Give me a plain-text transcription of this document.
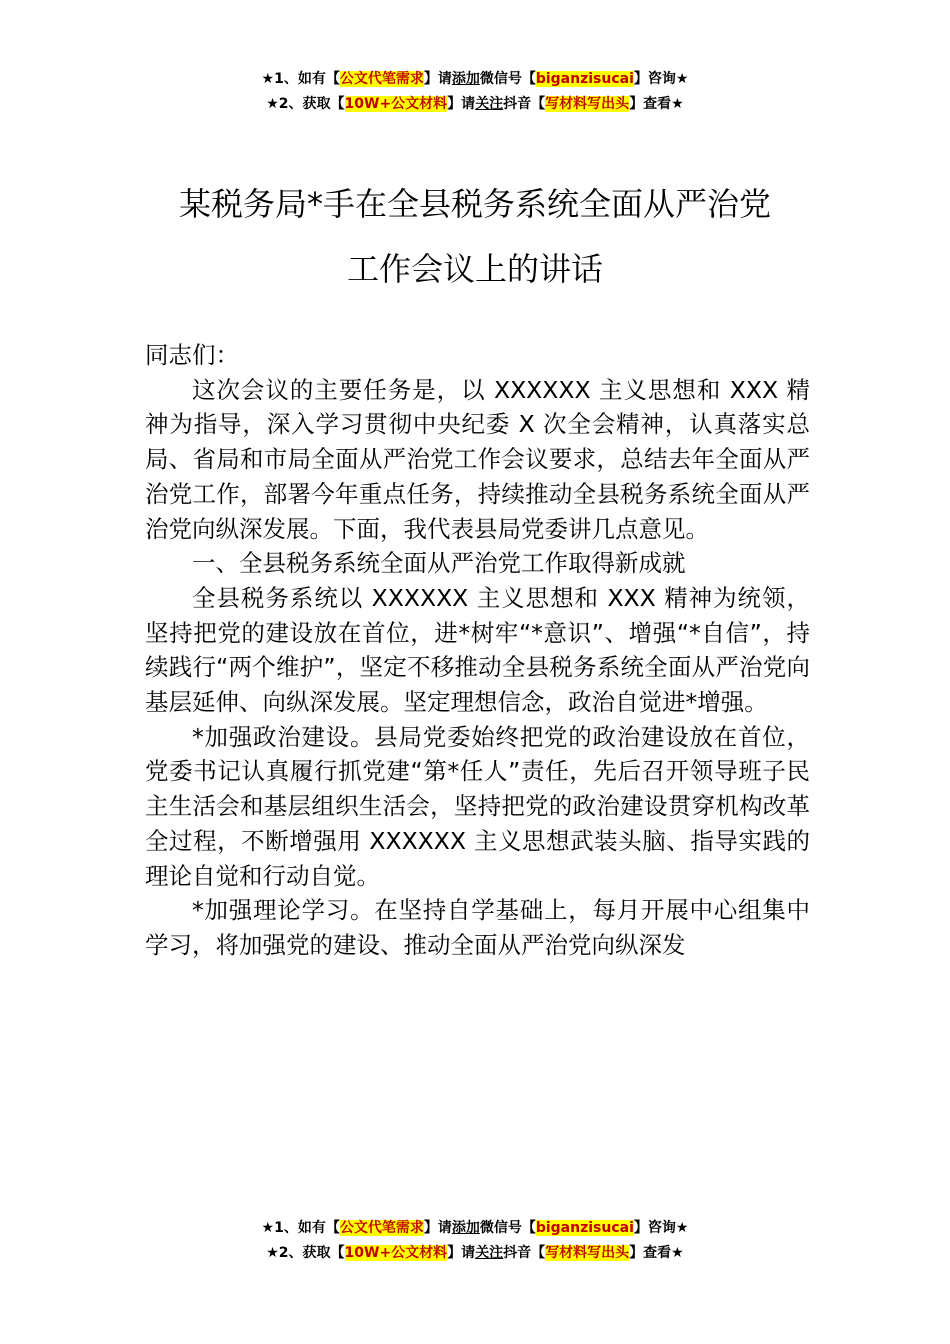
★1、如有【公文代笔需求】请添加微信号【biganzisucai】咨询★
★2、获取【10W+公文材料】请关注抖音【写材料写出头】查看★
某税务局*手在全县税务系统全面从严治党
工作会议上的讲话

同志们：

这次会议的主要任务是，以 XXXXXX 主义思想和 XXX 精神为指导，深入学习贯彻中央纪委 X 次全会精神，认真落实总局、省局和市局全面从严治党工作会议要求，总结去年全面从严治党工作，部署今年重点任务，持续推动全县税务系统全面从严治党向纵深发展。下面，我代表县局党委讲几点意见。

一、全县税务系统全面从严治党工作取得新成就

全县税务系统以 XXXXXX 主义思想和 XXX 精神为统领，坚持把党的建设放在首位，进*树牢“*意识”、增强“*自信”，持续践行“两个维护”，坚定不移推动全县税务系统全面从严治党向基层延伸、向纵深发展。坚定理想信念，政治自觉进*增强。

*加强政治建设。县局党委始终把党的政治建设放在首位，党委书记认真履行抓党建“第*任人”责任，先后召开领导班子民主生活会和基层组织生活会，坚持把党的政治建设贯穿机构改革全过程，不断增强用 XXXXXX 主义思想武装头脑、指导实践的理论自觉和行动自觉。

*加强理论学习。在坚持自学基础上，每月开展中心组集中学习，将加强党的建设、推动全面从严治党向纵深发

★1、如有【公文代笔需求】请添加微信号【biganzisucai】咨询★
★2、获取【10W+公文材料】请关注抖音【写材料写出头】查看★
